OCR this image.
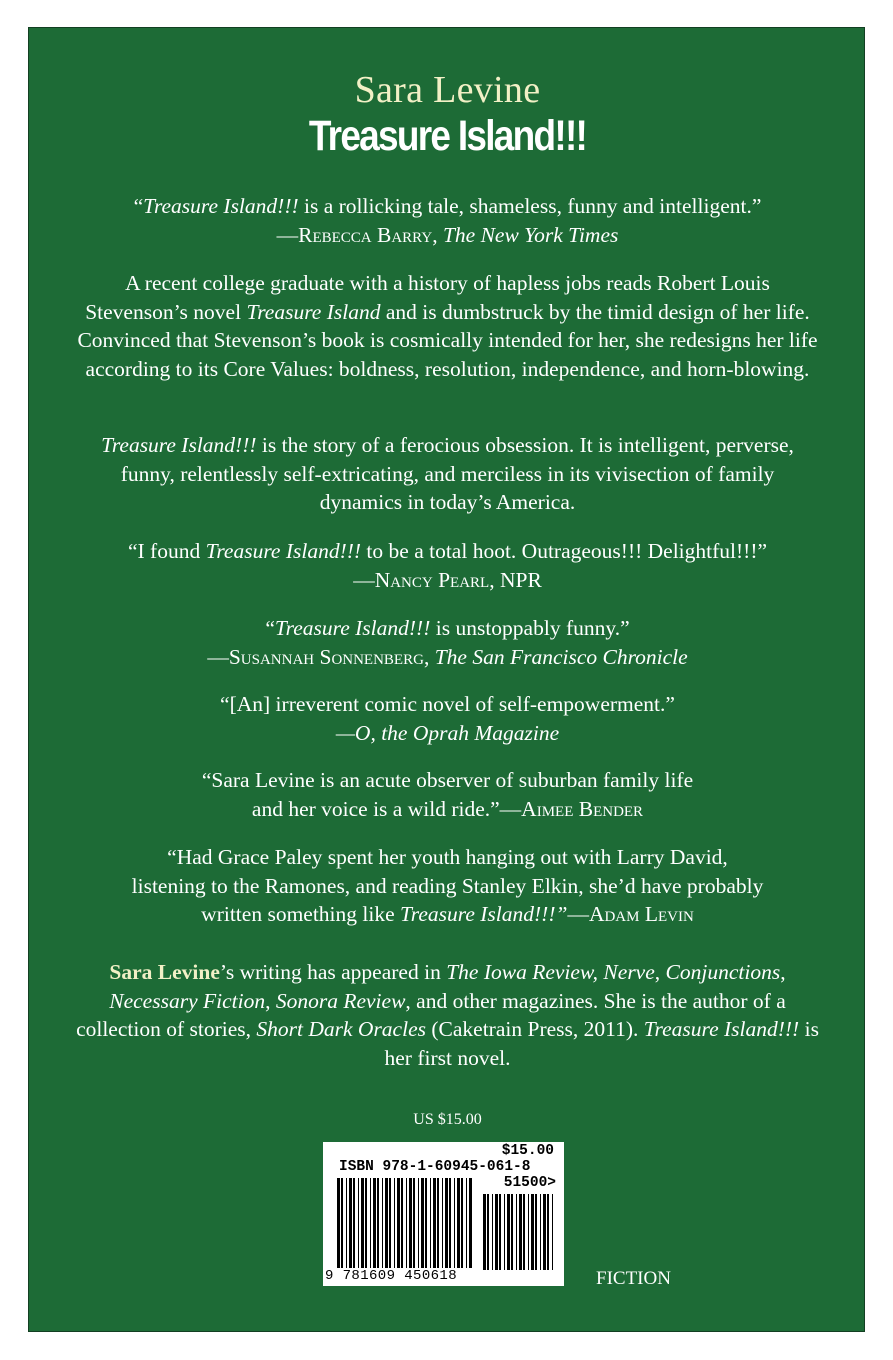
Sara Levine
Treasure Island!!!
“Treasure Island!!! is a rollicking tale, shameless, funny and intelligent.”
—Rebecca Barry, The New York Times
A recent college graduate with a history of hapless jobs reads Robert Louis Stevenson’s novel Treasure Island and is dumbstruck by the timid design of her life. Convinced that Stevenson’s book is cosmically intended for her, she redesigns her life according to its Core Values: boldness, resolution, independence, and horn-blowing.
Treasure Island!!! is the story of a ferocious obsession. It is intelligent, perverse, funny, relentlessly self-extricating, and merciless in its vivisection of family dynamics in today’s America.
“I found Treasure Island!!! to be a total hoot. Outrageous!!! Delightful!!!”
—Nancy Pearl, NPR
“Treasure Island!!! is unstoppably funny.”
—Susannah Sonnenberg, The San Francisco Chronicle
“[An] irreverent comic novel of self-empowerment.”
—O, the Oprah Magazine
“Sara Levine is an acute observer of suburban family life
and her voice is a wild ride.”—Aimee Bender
“Had Grace Paley spent her youth hanging out with Larry David,
listening to the Ramones, and reading Stanley Elkin, she’d have probably
written something like Treasure Island!!!”—Adam Levin
Sara Levine’s writing has appeared in The Iowa Review, Nerve, Conjunctions, Necessary Fiction, Sonora Review, and other magazines. She is the author of a collection of stories, Short Dark Oracles (Caketrain Press, 2011). Treasure Island!!! is her first novel.
US $15.00
$15.00
ISBN 978-1-60945-061-8
51500>
9 781609 450618	FICTION
